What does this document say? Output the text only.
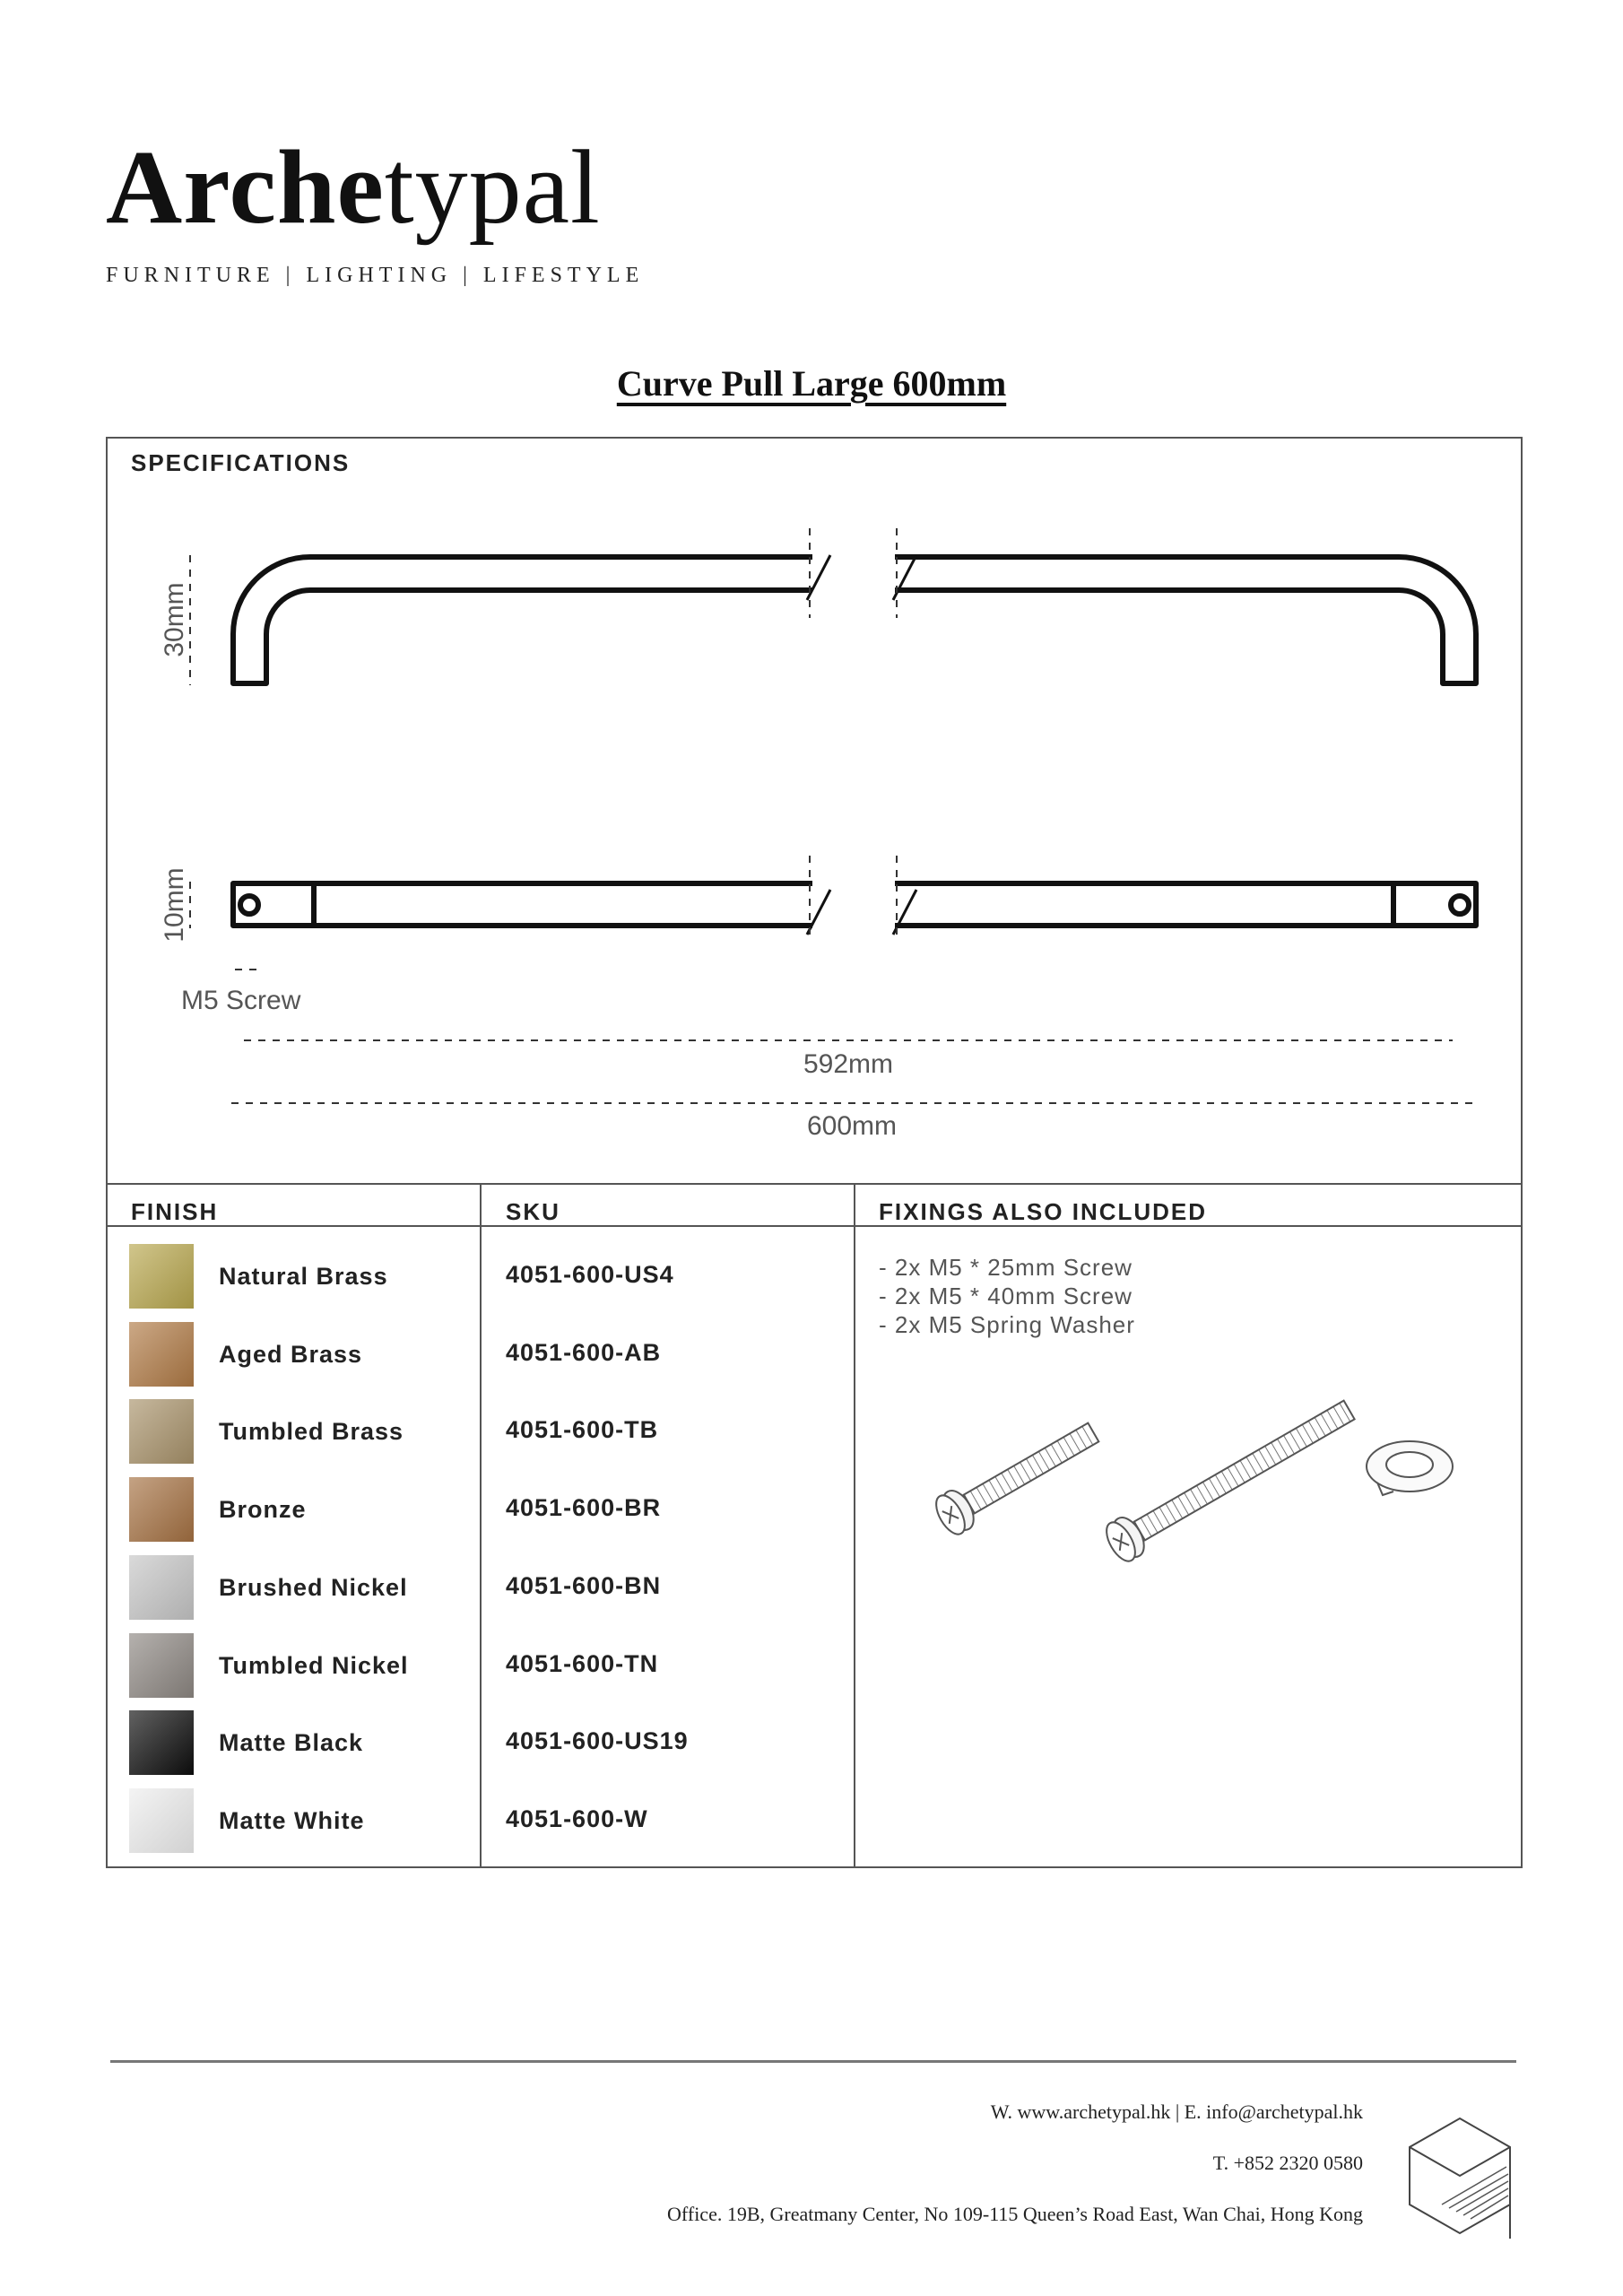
Archetypal
FURNITURE | LIGHTING | LIFESTYLE
Curve Pull Large 600mm
SPECIFICATIONS
30mm
10mm
M5 Screw
592mm
600mm
FINISH	SKU	FIXINGS ALSO INCLUDED
Natural Brass
Aged Brass
Tumbled Brass
Bronze
Brushed Nickel
Tumbled Nickel
Matte Black
Matte White
- 2x M5 * 25mm Screw
- 2x M5 * 40mm Screw
- 2x M5 Spring Washer
4051-600-US4
4051-600-AB
4051-600-TB
4051-600-BR
4051-600-BN
4051-600-TN
4051-600-US19
4051-600-W
W. www.archetypal.hk | E. info@archetypal.hk
T. +852 2320 0580
Office. 19B, Greatmany Center, No 109-115 Queen’s Road East, Wan Chai, Hong Kong
